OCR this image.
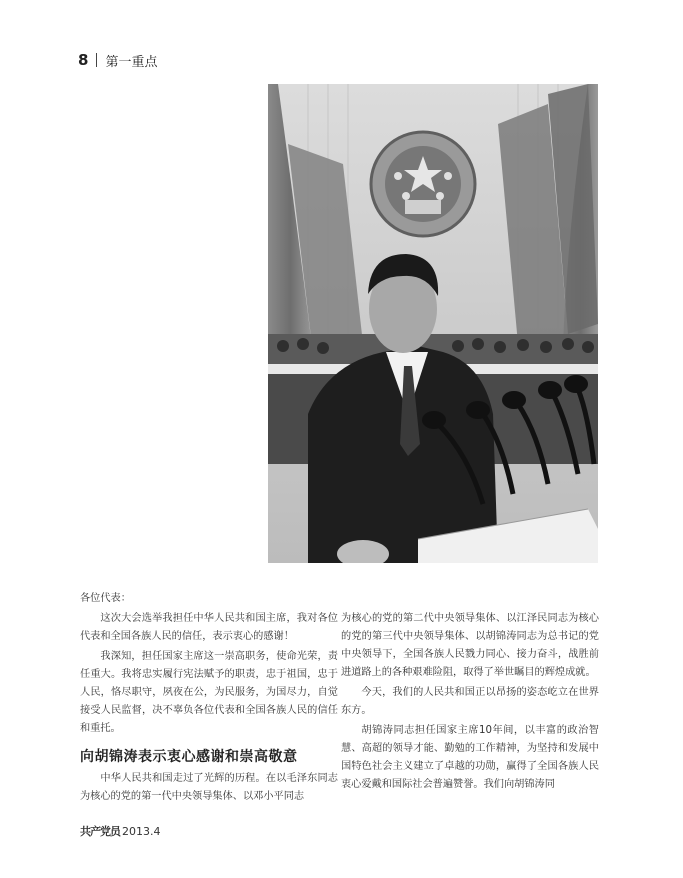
8 第一重点

各位代表：

这次大会选举我担任中华人民共和国主席，我对各位代表和全国各族人民的信任，表示衷心的感谢！

我深知，担任国家主席这一崇高职务，使命光荣，责任重大。我将忠实履行宪法赋予的职责，忠于祖国，忠于人民，恪尽职守，夙夜在公，为民服务，为国尽力，自觉接受人民监督，决不辜负各位代表和全国各族人民的信任和重托。

向胡锦涛表示衷心感谢和崇高敬意

中华人民共和国走过了光辉的历程。在以毛泽东同志为核心的党的第一代中央领导集体、以邓小平同志

为核心的党的第二代中央领导集体、以江泽民同志为核心的党的第三代中央领导集体、以胡锦涛同志为总书记的党中央领导下，全国各族人民戮力同心、接力奋斗，战胜前进道路上的各种艰难险阻，取得了举世瞩目的辉煌成就。

今天，我们的人民共和国正以昂扬的姿态屹立在世界东方。

胡锦涛同志担任国家主席10年间，以丰富的政治智慧、高超的领导才能、勤勉的工作精神，为坚持和发展中国特色社会主义建立了卓越的功勋，赢得了全国各族人民衷心爱戴和国际社会普遍赞誉。我们向胡锦涛同

共产党员 2013.4
